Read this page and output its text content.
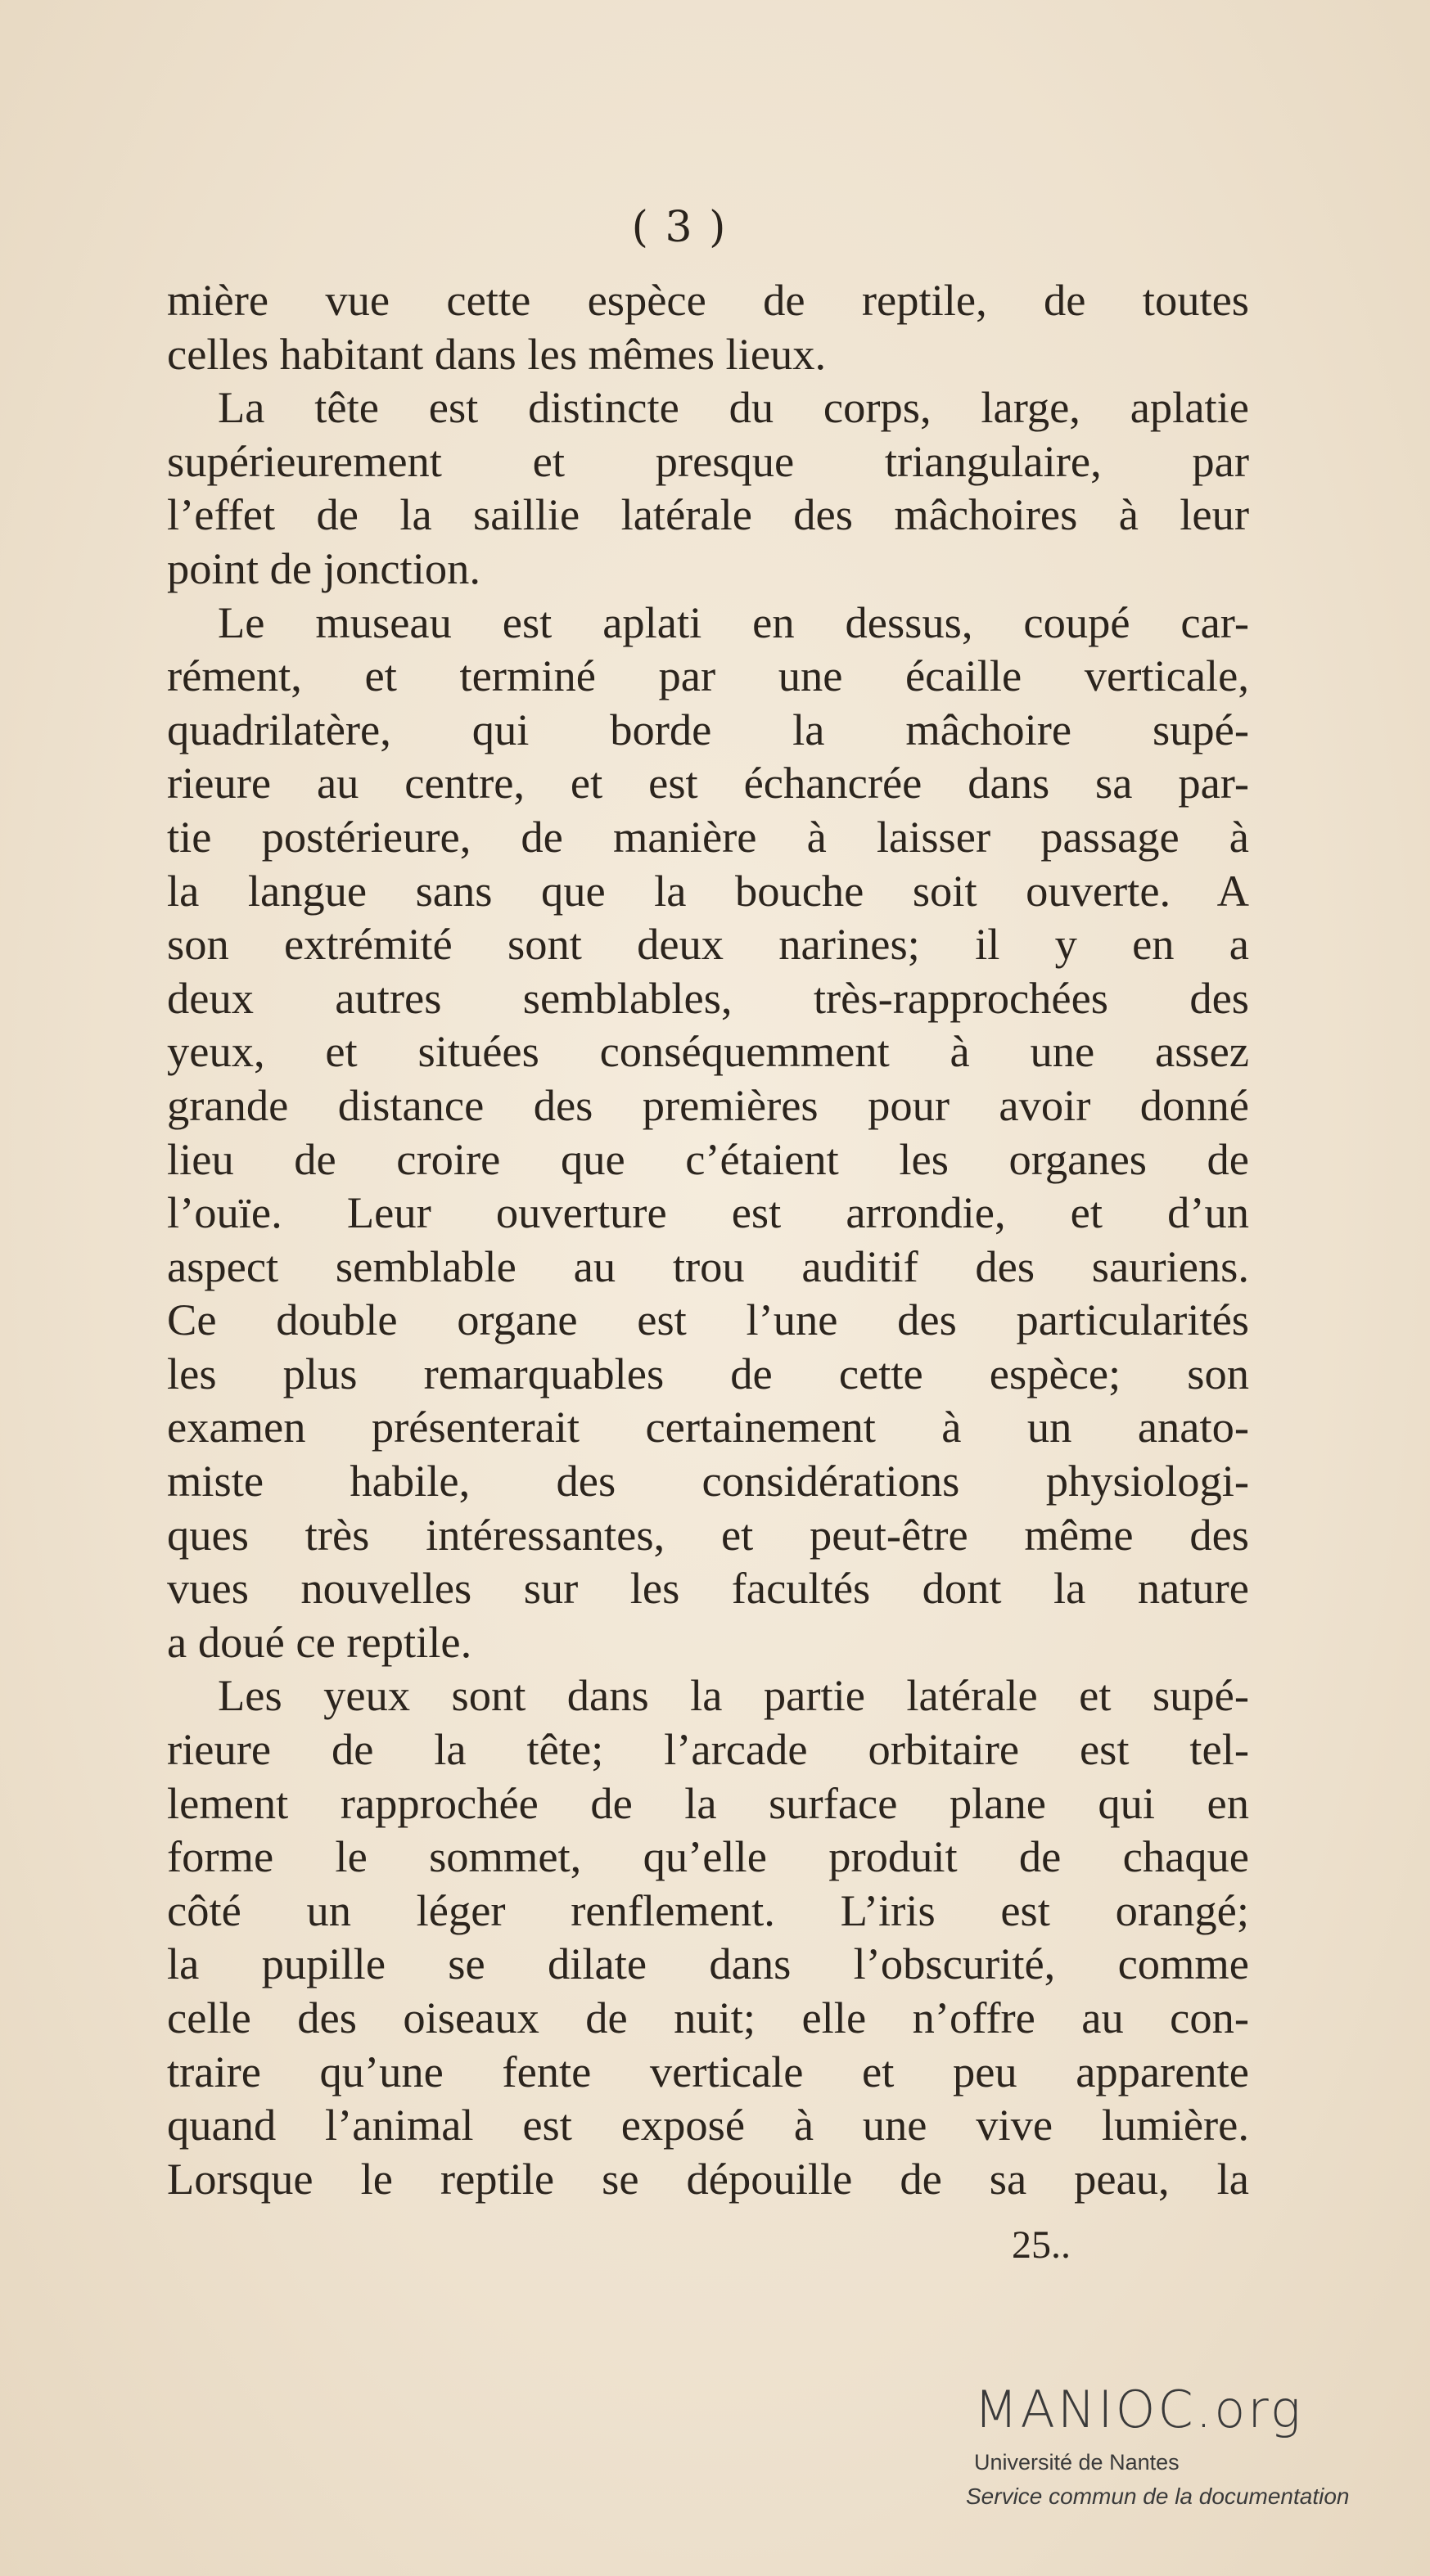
( 3 )
mière vue cette espèce de reptile, de toutes
celles habitant dans les mêmes lieux.
La tête est distincte du corps, large, aplatie
supérieurement et presque triangulaire, par
l’effet de la saillie latérale des mâchoires à leur
point de jonction.
Le museau est aplati en dessus, coupé car-
rément, et terminé par une écaille verticale,
quadrilatère, qui borde la mâchoire supé-
rieure au centre, et est échancrée dans sa par-
tie postérieure, de manière à laisser passage à
la langue sans que la bouche soit ouverte. A
son extrémité sont deux narines; il y en a
deux autres semblables, très-rapprochées des
yeux, et situées conséquemment à une assez
grande distance des premières pour avoir donné
lieu de croire que c’étaient les organes de
l’ouïe. Leur ouverture est arrondie, et d’un
aspect semblable au trou auditif des sauriens.
Ce double organe est l’une des particularités
les plus remarquables de cette espèce; son
examen présenterait certainement à un anato-
miste habile, des considérations physiologi-
ques très intéressantes, et peut-être même des
vues nouvelles sur les facultés dont la nature
a doué ce reptile.
Les yeux sont dans la partie latérale et supé-
rieure de la tête; l’arcade orbitaire est tel-
lement rapprochée de la surface plane qui en
forme le sommet, qu’elle produit de chaque
côté un léger renflement. L’iris est orangé;
la pupille se dilate dans l’obscurité, comme
celle des oiseaux de nuit; elle n’offre au con-
traire qu’une fente verticale et peu apparente
quand l’animal est exposé à une vive lumière.
Lorsque le reptile se dépouille de sa peau, la
25..
MANIOC.org
Université de Nantes
Service commun de la documentation
